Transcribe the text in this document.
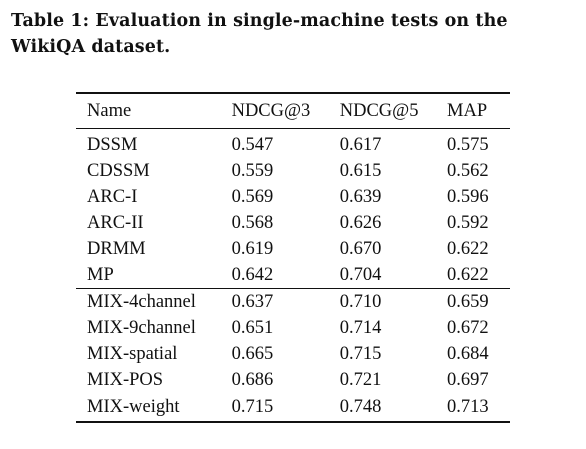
Table 1: Evaluation in single-machine tests on the WikiQA dataset.
Name	NDCG@3	NDCG@5	MAP
DSSM	0.547	0.617	0.575
CDSSM	0.559	0.615	0.562
ARC-I	0.569	0.639	0.596
ARC-II	0.568	0.626	0.592
DRMM	0.619	0.670	0.622
MP	0.642	0.704	0.622
MIX-4channel	0.637	0.710	0.659
MIX-9channel	0.651	0.714	0.672
MIX-spatial	0.665	0.715	0.684
MIX-POS	0.686	0.721	0.697
MIX-weight	0.715	0.748	0.713
